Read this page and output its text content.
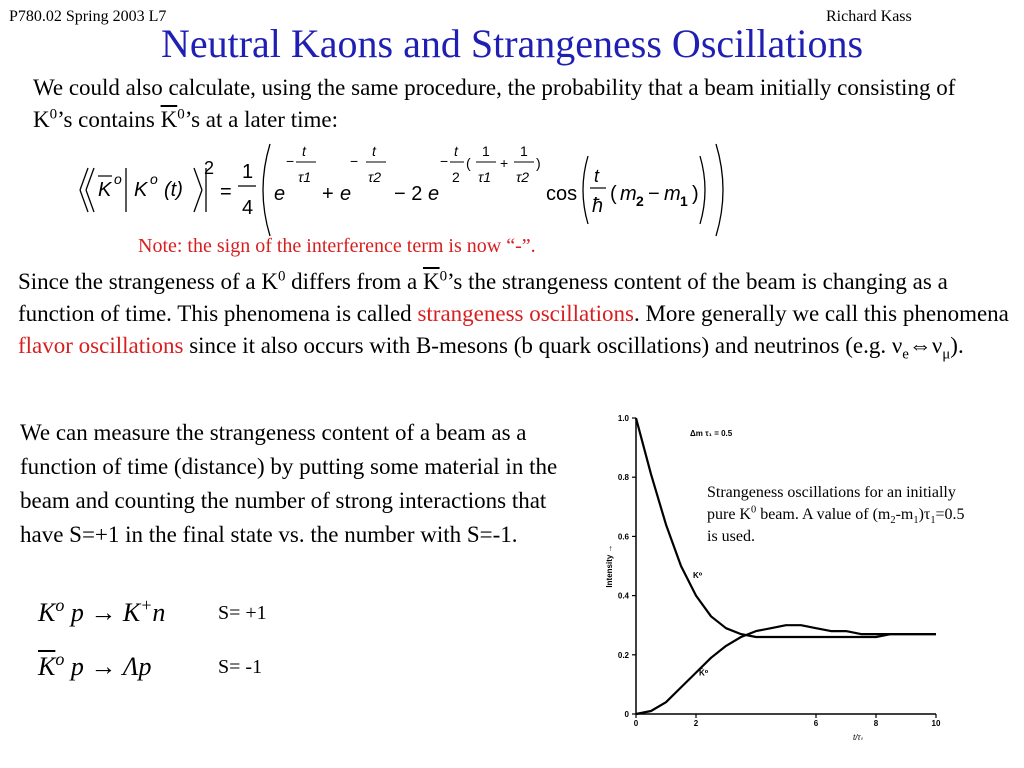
P780.02 Spring 2003 L7	Richard Kass
Neutral Kaons and Strangeness Oscillations
We could also calculate, using the same procedure, the probability that a beam initially consisting of $K^0’s$ contains $\overline{K}^0’s$ at a later time:
K o K o (t)
2
=
1
4
e
−
t
τ1
+ e
−
t
τ2
− 2 e
−
t
2
(
1
τ1
+
1
τ2
)
cos
t
ħ
( m 2 − m 1 )
Note: the sign of the interference term is now “-”.
Since the strangeness of a $K^0$ differs from a $\overline{K}^0’s$ the strangeness content of the beam is changing as a function of time. This phenomena is called strangeness oscillations. More generally we call this phenomena flavor oscillations since it also occurs with B-mesons (b quark oscillations) and neutrinos (e.g. $\nu_e\Leftrightarrow\nu_\mu$).
We can measure the strangeness content of a beam as a function of time (distance) by putting some material in the beam and counting the number of strong interactions that have S=+1 in the final state vs. the number with S=-1.
$K^o$ p → K+n	S= +1
$\overline{K}^o$ p → Λp	S= -1
0
0.2
0.4
0.6
0.8
1.0
0	2	6	8	10
t/τ₁
Intensity →
Δm τ₁ = 0.5
K⁰
K̄⁰
Strangeness oscillations for an initially pure $K^0$ beam. A value of $(m_2-m_1)\tau_1=0.5$ is used.
